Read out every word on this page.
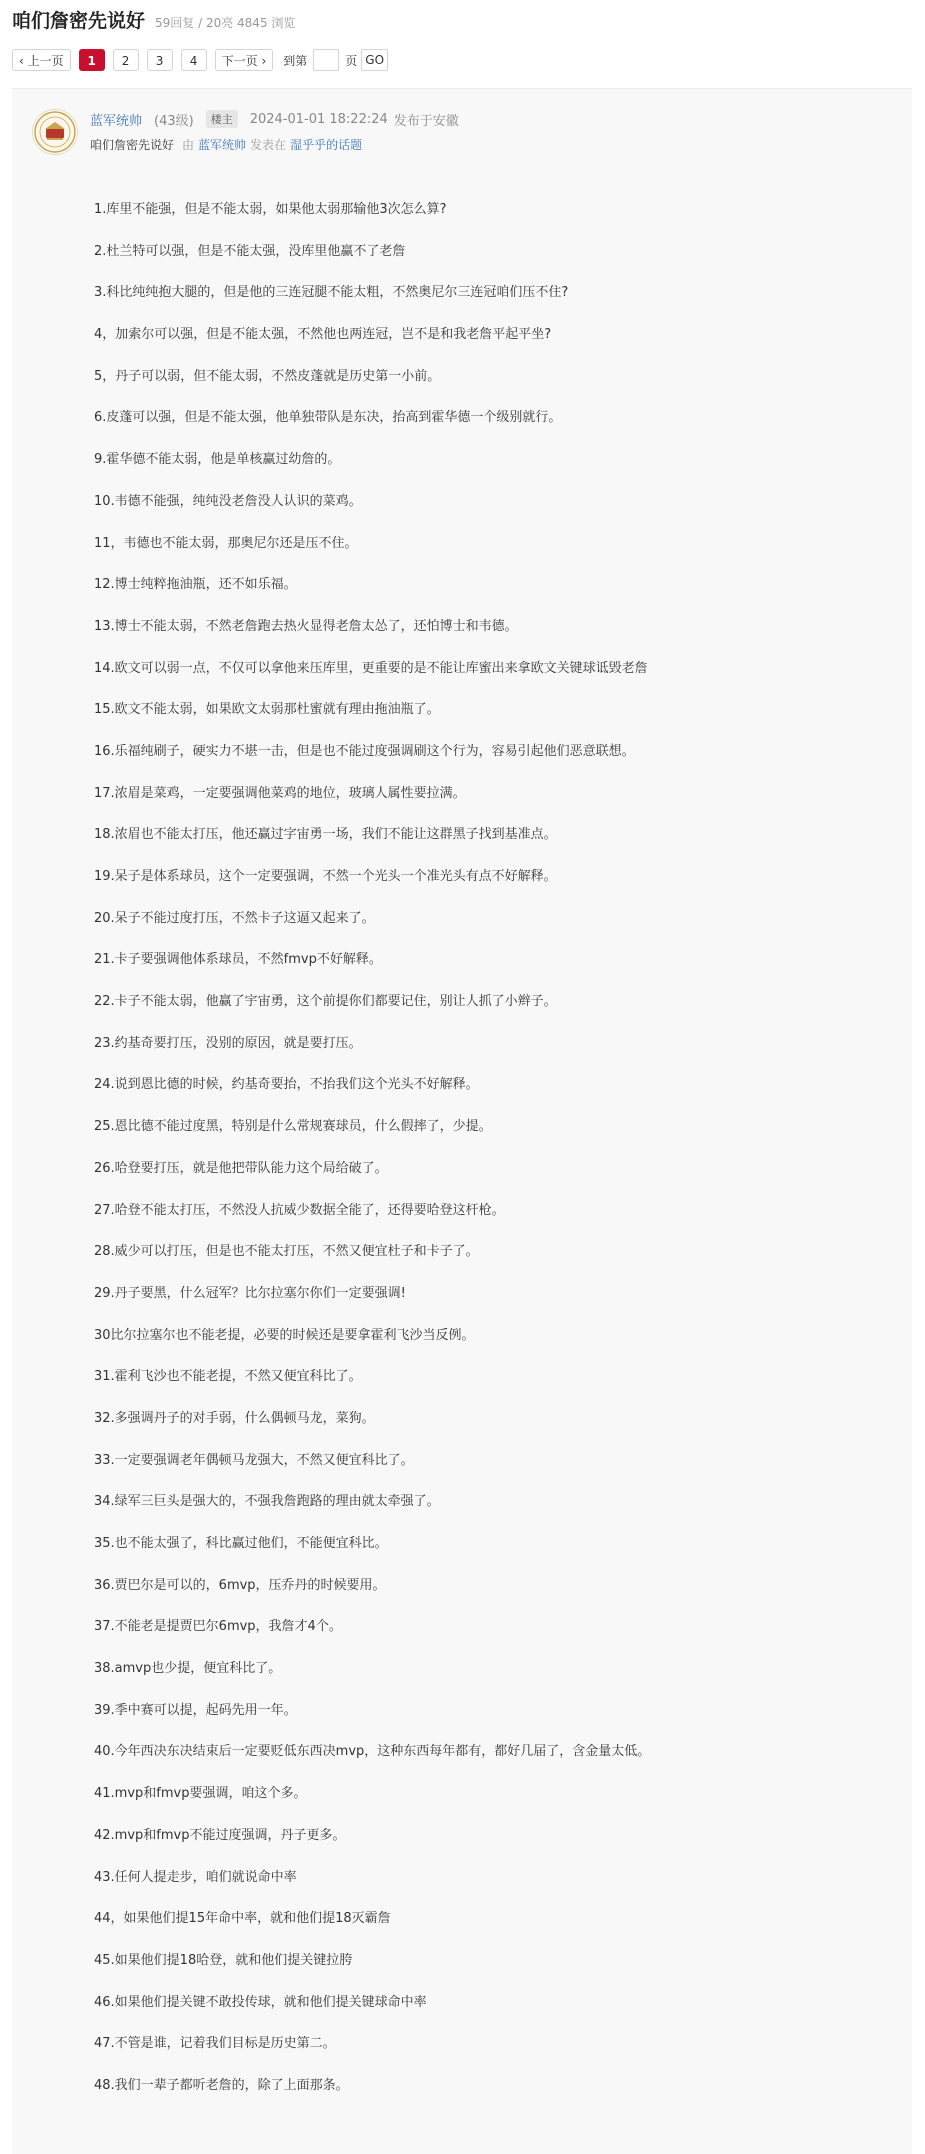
咱们詹密先说好 59回复 / 20亮 4845 浏览
‹ 上一页	1	2	3	4	下一页 ›	到第	页 GO
蓝军统帅 (43级)	楼主	2024-01-01 18:22:24 发布于安徽
咱们詹密先说好 由 蓝军统帅 发表在 湿乎乎的话题
1.库里不能强，但是不能太弱，如果他太弱那输他3次怎么算?
2.杜兰特可以强，但是不能太强，没库里他赢不了老詹
3.科比纯纯抱大腿的，但是他的三连冠腿不能太粗，不然奥尼尔三连冠咱们压不住?
4，加索尔可以强，但是不能太强，不然他也两连冠，岂不是和我老詹平起平坐?
5，丹子可以弱，但不能太弱，不然皮蓬就是历史第一小前。
6.皮蓬可以强，但是不能太强，他单独带队是东决，抬高到霍华德一个级别就行。
9.霍华德不能太弱，他是单核赢过幼詹的。
10.韦德不能强，纯纯没老詹没人认识的菜鸡。
11，韦德也不能太弱，那奥尼尔还是压不住。
12.博士纯粹拖油瓶，还不如乐福。
13.博士不能太弱，不然老詹跑去热火显得老詹太怂了，还怕博士和韦德。
14.欧文可以弱一点，不仅可以拿他来压库里，更重要的是不能让库蜜出来拿欧文关键球诋毁老詹
15.欧文不能太弱，如果欧文太弱那杜蜜就有理由拖油瓶了。
16.乐福纯刷子，硬实力不堪一击，但是也不能过度强调刷这个行为，容易引起他们恶意联想。
17.浓眉是菜鸡，一定要强调他菜鸡的地位，玻璃人属性要拉满。
18.浓眉也不能太打压，他还赢过字宙勇一场，我们不能让这群黑子找到基准点。
19.呆子是体系球员，这个一定要强调，不然一个光头一个准光头有点不好解释。
20.呆子不能过度打压，不然卡子这逼又起来了。
21.卡子要强调他体系球员，不然fmvp不好解释。
22.卡子不能太弱，他赢了宇宙勇，这个前提你们都要记住，别让人抓了小辫子。
23.约基奇要打压，没别的原因，就是要打压。
24.说到恩比德的时候，约基奇要抬，不抬我们这个光头不好解释。
25.恩比德不能过度黑，特别是什么常规赛球员，什么假摔了，少提。
26.哈登要打压，就是他把带队能力这个局给破了。
27.哈登不能太打压，不然没人抗威少数据全能了，还得要哈登这杆枪。
28.威少可以打压，但是也不能太打压，不然又便宜杜子和卡子了。
29.丹子要黑，什么冠军？比尔拉塞尔你们一定要强调!
30比尔拉塞尔也不能老提，必要的时候还是要拿霍利飞沙当反例。
31.霍利飞沙也不能老提，不然又便宜科比了。
32.多强调丹子的对手弱，什么偶顿马龙，菜狗。
33.一定要强调老年偶顿马龙强大，不然又便宜科比了。
34.绿军三巨头是强大的，不强我詹跑路的理由就太牵强了。
35.也不能太强了，科比赢过他们，不能便宜科比。
36.贾巴尔是可以的，6mvp，压乔丹的时候要用。
37.不能老是提贾巴尔6mvp，我詹才4个。
38.amvp也少提，便宜科比了。
39.季中赛可以提，起码先用一年。
40.今年西决东决结束后一定要贬低东西决mvp，这种东西每年都有，都好几届了，含金量太低。
41.mvp和fmvp要强调，咱这个多。
42.mvp和fmvp不能过度强调，丹子更多。
43.任何人提走步，咱们就说命中率
44，如果他们提15年命中率，就和他们提18灭霸詹
45.如果他们提18哈登，就和他们提关键拉胯
46.如果他们提关键不敢投传球，就和他们提关键球命中率
47.不管是谁，记着我们目标是历史第二。
48.我们一辈子都听老詹的，除了上面那条。
